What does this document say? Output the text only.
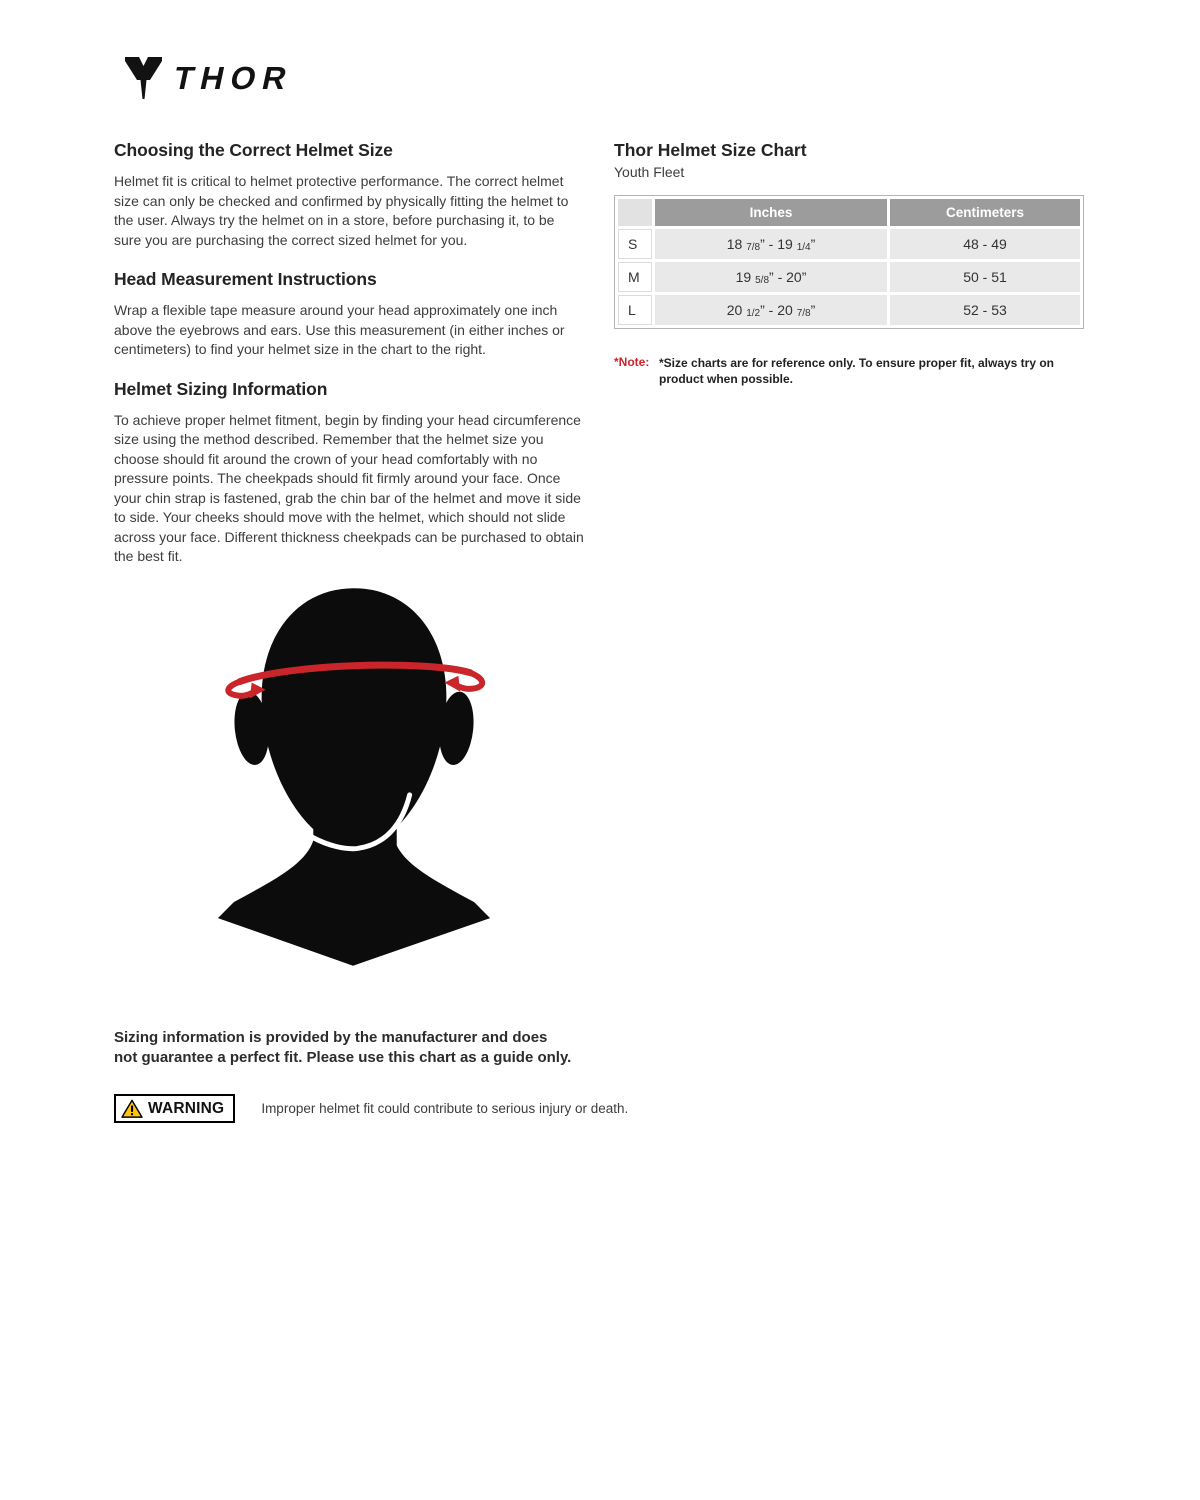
THOR
Choosing the Correct Helmet Size

Helmet fit is critical to helmet protective performance. The correct helmet size can only be checked and confirmed by physically fitting the helmet to the user. Always try the helmet on in a store, before purchasing it, to be sure you are purchasing the correct sized helmet for you.

Head Measurement Instructions

Wrap a flexible tape measure around your head approximately one inch above the eyebrows and ears. Use this measurement (in either inches or centimeters) to find your helmet size in the chart to the right.

Helmet Sizing Information

To achieve proper helmet fitment, begin by finding your head circumference size using the method described. Remember that the helmet size you choose should fit around the crown of your head comfortably with no pressure points. The cheekpads should fit firmly around your face. Once your chin strap is fastened, grab the chin bar of the helmet and move it side to side. Your cheeks should move with the helmet, which should not slide across your face. Different thickness cheekpads can be purchased to obtain the best fit.

Thor Helmet Size Chart
Youth Fleet
	Inches	Centimeters
S	18 7/8” - 19 1/4”	48 - 49
M	19 5/8” - 20”	50 - 51
L	20 1/2” - 20 7/8”	52 - 53
*Note: *Size charts are for reference only. To ensure proper fit, always try on product when possible.
Sizing information is provided by the manufacturer and does not guarantee a perfect fit. Please use this chart as a guide only.
WARNING	Improper helmet fit could contribute to serious injury or death.
